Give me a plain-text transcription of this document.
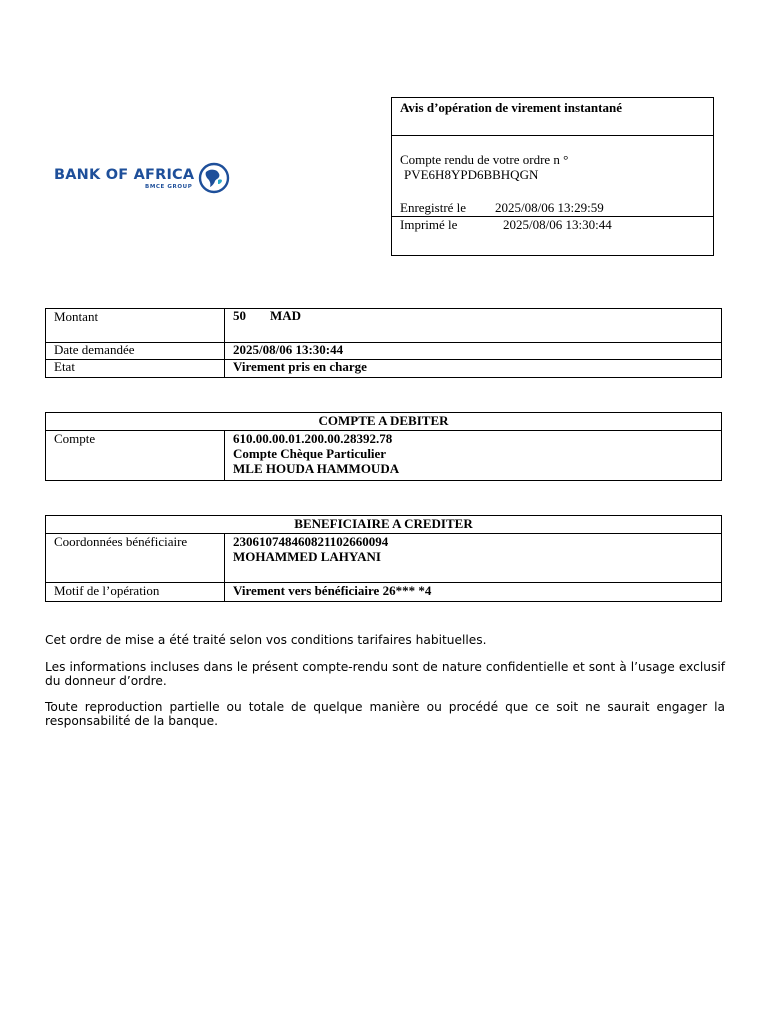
BANK OF AFRICA
BMCE GROUP
Avis d’opération de virement instantané
Compte rendu de votre ordre n °
PVE6H8YPD6BBHQGN
Enregistré le 2025/08/06 13:29:59
Imprimé le	2025/08/06 13:30:44
Montant	50 MAD
Date demandée	2025/08/06 13:30:44
Etat	Virement pris en charge
COMPTE A DEBITER
Compte	610.00.00.01.200.00.28392.78
Compte Chèque Particulier
MLE HOUDA HAMMOUDA
BENEFICIAIRE A CREDITER	
Coordonnées bénéficiaire	230610748460821102660094
MOHAMMED LAHYANI

Motif de l’opération	Virement vers bénéficiaire 26*** *4

Cet ordre de mise a été traité selon vos conditions tarifaires habituelles.

Les informations incluses dans le présent compte-rendu sont de nature confidentielle et sont à l’usage exclusif du donneur d’ordre.

Toute reproduction partielle ou totale de quelque manière ou procédé que ce soit ne saurait engager la responsabilité de la banque.
